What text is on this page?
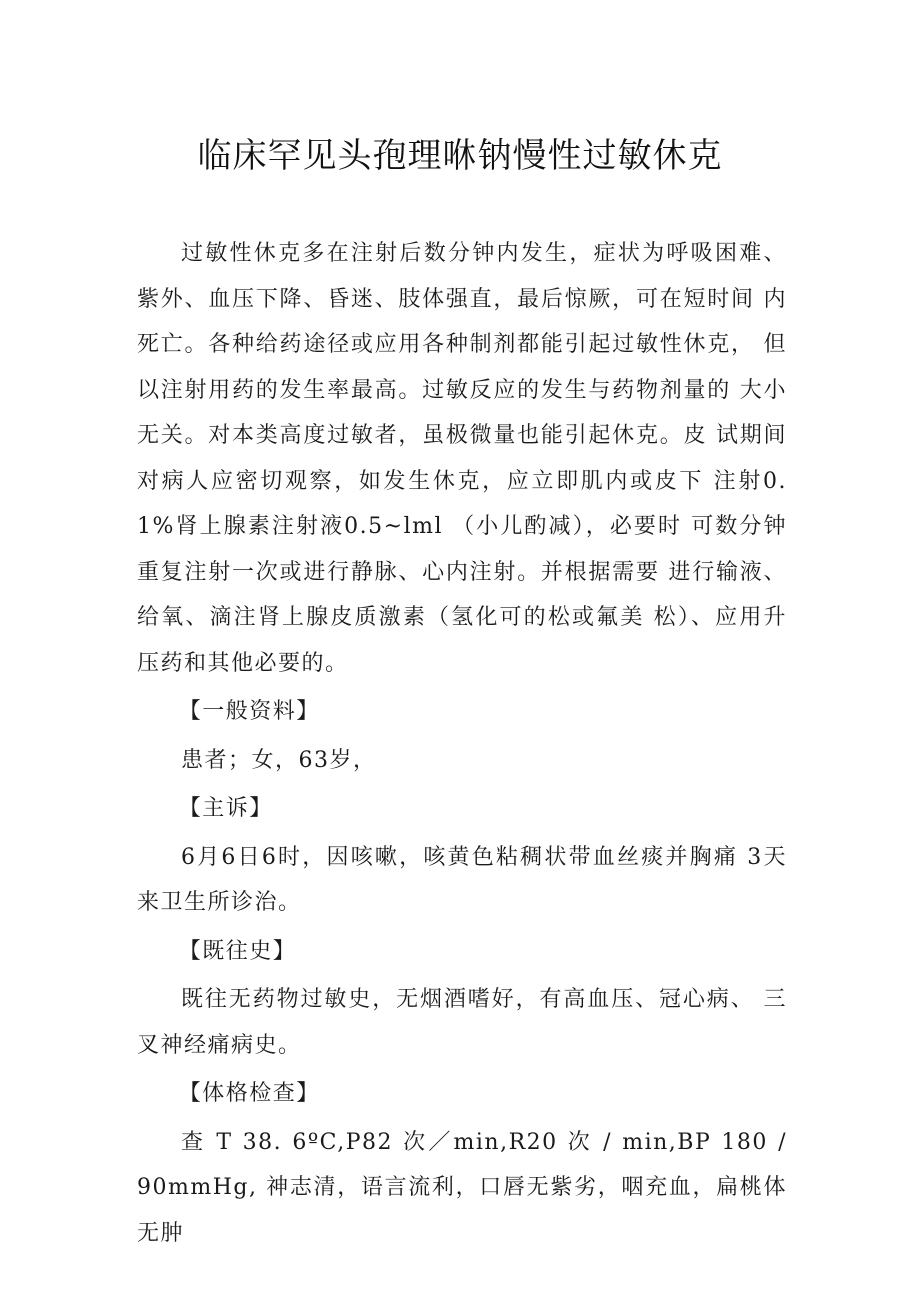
临床罕见头孢理咻钠慢性过敏休克

过敏性休克多在注射后数分钟内发生，症状为呼吸困难、 紫外、血压下降、昏迷、肢体强直，最后惊厥，可在短时间 内死亡。各种给药途径或应用各种制剂都能引起过敏性休克， 但以注射用药的发生率最高。过敏反应的发生与药物剂量的 大小无关。对本类高度过敏者，虽极微量也能引起休克。皮 试期间对病人应密切观察，如发生休克，应立即肌内或皮下 注射0. 1%肾上腺素注射液0.5~lml （小儿酌减），必要时 可数分钟重复注射一次或进行静脉、心内注射。并根据需要 进行输液、给氧、滴注肾上腺皮质激素（氢化可的松或氟美 松）、应用升压药和其他必要的。

【一般资料】

患者；女，63岁，

【主诉】

6月6日6时，因咳嗽，咳黄色粘稠状带血丝痰并胸痛 3天来卫生所诊治。

【既往史】

既往无药物过敏史，无烟酒嗜好，有高血压、冠心病、 三叉神经痛病史。

【体格检查】

查 T 38. 6ºC,P82 次／min,R20 次 / min,BP 180 / 90mmHg, 神志清，语言流利，口唇无紫劣，咽充血，扁桃体无肿
